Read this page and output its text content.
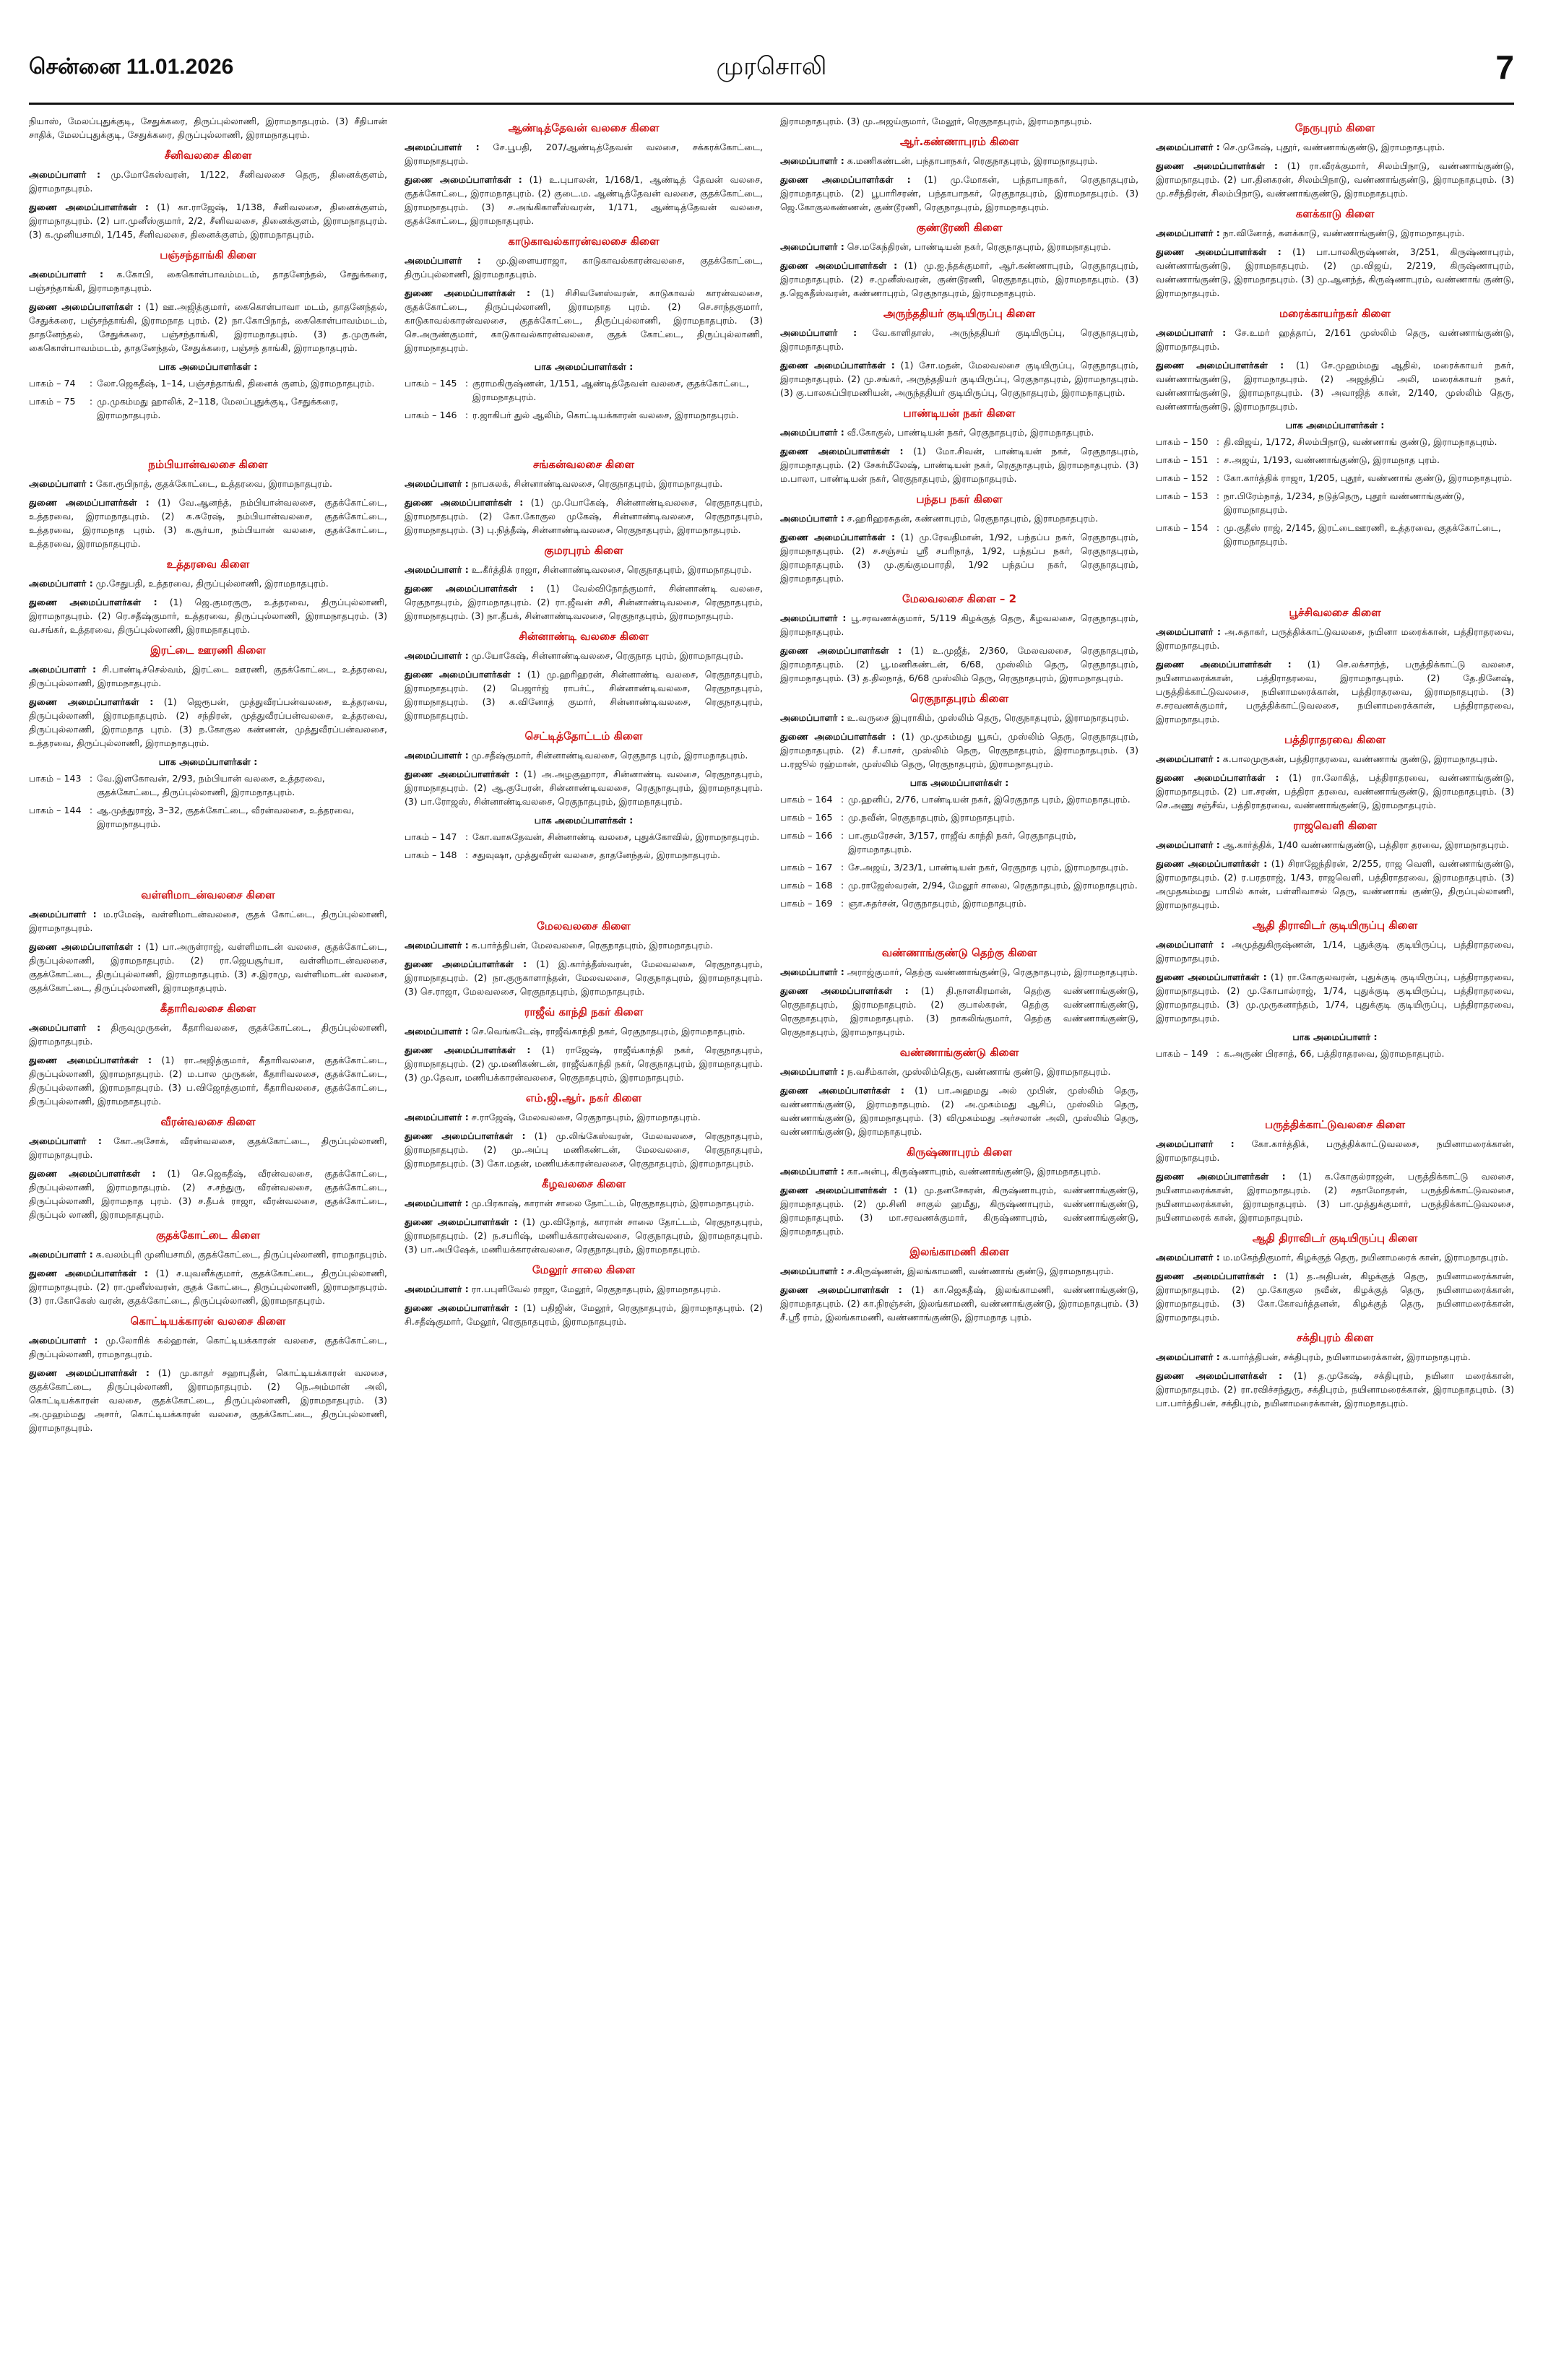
சென்னை 11.01.2026	முரசொலி	7

நியாஸ், மேலப்புதுக்குடி, சேதுக்கரை, திருப்புல்லாணி, இராமநாதபுரம். (3) சீதிபான் சாதிக், மேலப்புதுக்குடி, சேதுக்கரை, திருப்புல்லாணி, இராமநாதபுரம்.

சீனிவலசை கிளை

அமைப்பாளர் : மு.மோகேஸ்வரன், 1/122, சீனிவலசை தெரு, தினைக்குளம், இராமநாதபுரம்.

துணை அமைப்பாளர்கள் : (1) கா.ராஜேஷ், 1/138, சீனிவலசை, தினைக்குளம், இராமநாதபுரம். (2) பா.முனீஸ்குமார், 2/2, சீனிவலசை, தினைக்குளம், இராமநாதபுரம். (3) க.முனியசாமி, 1/145, சீனிவலசை, தினைக்குளம், இராமநாதபுரம்.

பஞ்சந்தாங்கி கிளை

அமைப்பாளர் : க.கோபி, கைகொள்பாவம்மடம், தாதனேந்தல், சேதுக்கரை, பஞ்சந்தாங்கி, இராமநாதபுரம்.

துணை அமைப்பாளர்கள் : (1) ஊ.அஜித்குமார், கைகொள்பாவா மடம், தாதனேந்தல், சேதுக்கரை, பஞ்சந்தாங்கி, இராமநாத புரம். (2) நா.கோபிநாத், கைகொள்பாவம்மடம், தாதனேந்தல், சேதுக்கரை, பஞ்சந்தாங்கி, இராமநாதபுரம். (3) த.முருகன், கைகொள்பாவம்மடம், தாதனேந்தல், சேதுக்கரை, பஞ்சந் தாங்கி, இராமநாதபுரம்.

பாக அமைப்பாளர்கள் :
பாகம் – 74	: லோ.ஜெகதீஷ், 1–14, பஞ்சந்தாங்கி, தினைக் குளம், இராமநாதபுரம்.
பாகம் – 75	: மு.முகம்மது ஹாலிக், 2–118, மேலப்புதுக்குடி, சேதுக்கரை, இராமநாதபுரம்.
நம்பியான்வலசை கிளை

அமைப்பாளர் : கோ.ரூபிநாத், குதக்கோட்டை, உத்தரவை, இராமநாதபுரம்.

துணை அமைப்பாளர்கள் : (1) வே.ஆனந்த், நம்பியான்வலசை, குதக்கோட்டை, உத்தரவை, இராமநாதபுரம். (2) க.சுரேஷ், நம்பியான்வலசை, குதக்கோட்டை, உத்தரவை, இராமநாத புரம். (3) க.சூர்யா, நம்பியான் வலசை, குதக்கோட்டை, உத்தரவை, இராமநாதபுரம்.

உத்தரவை கிளை

அமைப்பாளர் : மு.சேதுபதி, உத்தரவை, திருப்புல்லாணி, இராமநாதபுரம்.

துணை அமைப்பாளர்கள் : (1) ஜெ.குமரகுரு, உத்தரவை, திருப்புல்லாணி, இராமநாதபுரம். (2) ரெ.சதீஷ்குமார், உத்தரவை, திருப்புல்லாணி, இராமநாதபுரம். (3) வ.சங்கர், உத்தரவை, திருப்புல்லாணி, இராமநாதபுரம்.

இரட்டை ஊரணி கிளை

அமைப்பாளர் : சி.பாண்டிச்செல்வம், இரட்டை ஊரணி, குதக்கோட்டை, உத்தரவை, திருப்புல்லாணி, இராமநாதபுரம்.

துணை அமைப்பாளர்கள் : (1) ஜெரூபன், முத்துவீரப்பன்வலசை, உத்தரவை, திருப்புல்லாணி, இராமநாதபுரம். (2) சந்திரன், முத்துவீரப்பன்வலசை, உத்தரவை, திருப்புல்லாணி, இராமநாத புரம். (3) ந.கோகுல கண்ணன், முத்துவீரப்பன்வலசை, உத்தரவை, திருப்புல்லாணி, இராமநாதபுரம்.

பாக அமைப்பாளர்கள் :
பாகம் – 143 : வே.இளகோவன், 2/93, நம்பியான் வலசை, உத்தரவை, குதக்கோட்டை, திருப்புல்லாணி, இராமநாதபுரம்.
பாகம் – 144 : ஆ.முத்துராஜ், 3–32, குதக்கோட்டை, வீரன்வலசை, உத்தரவை, இராமநாதபுரம்.
வள்ளிமாடன்வலசை கிளை

அமைப்பாளர் : ம.ரமேஷ், வள்ளிமாடன்வலசை, குதக் கோட்டை, திருப்புல்லாணி, இராமநாதபுரம்.

துணை அமைப்பாளர்கள் : (1) பா.அருள்ராஜ், வள்ளிமாடன் வலசை, குதக்கோட்டை, திருப்புல்லாணி, இராமநாதபுரம். (2) ரா.ஜெயசூர்யா, வள்ளிமாடன்வலசை, குதக்கோட்டை, திருப்புல்லாணி, இராமநாதபுரம். (3) ச.இராமு, வள்ளிமாடன் வலசை, குதக்கோட்டை, திருப்புல்லாணி, இராமநாதபுரம்.

கீதாரிவலசை கிளை

அமைப்பாளர் : திருவுமுருகன், கீதாரிவலசை, குதக்கோட்டை, திருப்புல்லாணி, இராமநாதபுரம்.

துணை அமைப்பாளர்கள் : (1) ரா.அஜித்குமார், கீதாரிவலசை, குதக்கோட்டை, திருப்புல்லாணி, இராமநாதபுரம். (2) ம.பால முருகன், கீதாரிவலசை, குதக்கோட்டை, திருப்புல்லாணி, இராமநாதபுரம். (3) ப.விஜோத்குமார், கீதாரிவலசை, குதக்கோட்டை, திருப்புல்லாணி, இராமநாதபுரம்.

வீரன்வலசை கிளை

அமைப்பாளர் : கோ.அசோக், வீரன்வலசை, குதக்கோட்டை, திருப்புல்லாணி, இராமநாதபுரம்.

துணை அமைப்பாளர்கள் : (1) செ.ஜெகதீஷ், வீரன்வலசை, குதக்கோட்டை, திருப்புல்லாணி, இராமநாதபுரம். (2) ச.சந்துரு, வீரன்வலசை, குதக்கோட்டை, திருப்புல்லாணி, இராமநாத புரம். (3) ச.தீபக் ராஜா, வீரன்வலசை, குதக்கோட்டை, திருப்புல் லாணி, இராமநாதபுரம்.

குதக்கோட்டை கிளை

அமைப்பாளர் : க.வலம்புரி முனியசாமி, குதக்கோட்டை, திருப்புல்லாணி, ராமநாதபுரம்.

துணை அமைப்பாளர்கள் : (1) ச.யுவனீக்குமார், குதக்கோட்டை, திருப்புல்லாணி, இராமநாதபுரம். (2) ரா.முனீஸ்வரன், குதக் கோட்டை, திருப்புல்லாணி, இராமநாதபுரம். (3) ரா.கோகேஸ் வரன், குதக்கோட்டை, திருப்புல்லாணி, இராமநாதபுரம்.

கொட்டியக்காரன் வலசை கிளை

அமைப்பாளர் : மு.லோரிக் கல்ஹான், கொட்டியக்காரன் வலசை, குதக்கோட்டை, திருப்புல்லாணி, ராமநாதபுரம்.

துணை அமைப்பாளர்கள் : (1) மு.காதர் சஹாபுதீன், கொட்டியக்காரன் வலசை, குதக்கோட்டை, திருப்புல்லாணி, இராமநாதபுரம். (2) நெ.அம்மான் அலி, கொட்டியக்காரன் வலசை, குதக்கோட்டை, திருப்புல்லாணி, இராமநாதபுரம். (3) அ.முஹம்மது அசார், கொட்டியக்காரன் வலசை, குதக்கோட்டை, திருப்புல்லாணி, இராமநாதபுரம்.

ஆண்டித்தேவன் வலசை கிளை

அமைப்பாளர் : சே.பூபதி, 207/ஆண்டித்தேவன் வலசை, சக்கரக்கோட்டை, இராமநாதபுரம்.

துணை அமைப்பாளர்கள் : (1) உ.புபாலன், 1/168/1, ஆண்டித் தேவன் வலசை, குதக்கோட்டை, இராமநாதபுரம். (2) குடை.ம. ஆண்டித்தேவன் வலசை, குதக்கோட்டை, இராமநாதபுரம். (3) ச.அங்கிகாளீஸ்வரன், 1/171, ஆண்டித்தேவன் வலசை, குதக்கோட்டை, இராமநாதபுரம்.

காடுகாவல்காரன்வலசை கிளை

அமைப்பாளர் : மு.இளையராஜா, காடுகாவல்காரன்வலசை, குதக்கோட்டை, திருப்புல்லாணி, இராமநாதபுரம்.

துணை அமைப்பாளர்கள் : (1) சிசிவனேஸ்வரன், காடுகாவல் காரன்வலசை, குதக்கோட்டை, திருப்புல்லாணி, இராமநாத புரம். (2) செ.சாந்தகுமார், காடுகாவல்காரன்வலசை, குதக்கோட்டை, திருப்புல்லாணி, இராமநாதபுரம். (3) செ.அருண்குமார், காடுகாவல்காரன்வலசை, குதக் கோட்டை, திருப்புல்லாணி, இராமநாதபுரம்.

பாக அமைப்பாளர்கள் :
பாகம் – 145 : குராமகிருஷ்ணன், 1/151, ஆண்டித்தேவன் வலசை, குதக்கோட்டை, இராமநாதபுரம்.
பாகம் – 146 : ர.ஜாகிபர் துல் ஆலிம், கொட்டியக்காரன் வலசை, இராமநாதபுரம்.
சங்கன்வலசை கிளை

அமைப்பாளர் : நாபகலக், சின்னாண்டிவலசை, ரெகுநாதபுரம், இராமநாதபுரம்.

துணை அமைப்பாளர்கள் : (1) மு.யோகேஷ், சின்னாண்டிவலசை, ரெகுநாதபுரம், இராமநாதபுரம். (2) கோ.கோகுல முகேஷ், சின்னாண்டிவலசை, ரெகுநாதபுரம், இராமநாதபுரம். (3) பு.நித்தீஷ், சின்னாண்டிவலசை, ரெகுநாதபுரம், இராமநாதபுரம்.

குமரபுரம் கிளை

அமைப்பாளர் : உ.கீர்த்திக் ராஜா, சின்னாண்டிவலசை, ரெகுநாதபுரம், இராமநாதபுரம்.

துணை அமைப்பாளர்கள் : (1) வேல்விநோத்குமார், சின்னாண்டி வலசை, ரெகுநாதபுரம், இராமநாதபுரம். (2) ரா.ஜீவன் சசி, சின்னாண்டிவலசை, ரெகுநாதபுரம், இராமநாதபுரம். (3) நா.தீபக், சின்னாண்டிவலசை, ரெகுநாதபுரம், இராமநாதபுரம்.

சின்னாண்டி வலசை கிளை

அமைப்பாளர் : மு.யோகேஷ், சின்னாண்டிவலசை, ரெகுநாத புரம், இராமநாதபுரம்.

துணை அமைப்பாளர்கள் : (1) மு.ஹரிஹரன், சின்னாண்டி வலசை, ரெகுநாதபுரம், இராமநாதபுரம். (2) பெஜார்ஜ் ராபர்ட், சின்னாண்டிவலசை, ரெகுநாதபுரம், இராமநாதபுரம். (3) க.வினோத் குமார், சின்னாண்டிவலசை, ரெகுநாதபுரம், இராமநாதபுரம்.

செட்டித்தோட்டம் கிளை

அமைப்பாளர் : மு.சதீஷ்குமார், சின்னாண்டிவலசை, ரெகுநாத புரம், இராமநாதபுரம்.

துணை அமைப்பாளர்கள் : (1) அ.அழகுஹாரா, சின்னாண்டி வலசை, ரெகுநாதபுரம், இராமநாதபுரம். (2) ஆ.குபேரன், சின்னாண்டிவலசை, ரெகுநாதபுரம், இராமநாதபுரம். (3) பா.ரோஜஸ், சின்னாண்டிவலசை, ரெகுநாதபுரம், இராமநாதபுரம்.

பாக அமைப்பாளர்கள் :
பாகம் – 147 : கோ.வாசுதேவன், சின்னாண்டி வலசை, புதுக்கோவில், இராமநாதபுரம்.
பாகம் – 148 : சதுவுஷா, முத்துவீரன் வலசை, தாதனேந்தல், இராமநாதபுரம்.
மேலவலசை கிளை

அமைப்பாளர் : க.பார்த்திபன், மேலவலசை, ரெகுநாதபுரம், இராமநாதபுரம்.

துணை அமைப்பாளர்கள் : (1) இ.கார்த்தீஸ்வரன், மேலவலசை, ரெகுநாதபுரம், இராமநாதபுரம். (2) நா.குருகாளாந்தன், மேலவலசை, ரெகுநாதபுரம், இராமநாதபுரம். (3) செ.ராஜா, மேலவலசை, ரெகுநாதபுரம், இராமநாதபுரம்.

ராஜீவ் காந்தி நகர் கிளை

அமைப்பாளர் : செ.வெங்கடேஷ், ராஜீவ்காந்தி நகர், ரெகுநாதபுரம், இராமநாதபுரம்.

துணை அமைப்பாளர்கள் : (1) ராஜேஷ், ராஜீவ்காந்தி நகர், ரெகுநாதபுரம், இராமநாதபுரம். (2) மு.மணிகண்டன், ராஜீவ்காந்தி நகர், ரெகுநாதபுரம், இராமநாதபுரம். (3) மு.தேவா, மணியக்காரன்வலசை, ரெகுநாதபுரம், இராமநாதபுரம்.

எம்.ஜி.ஆர். நகர் கிளை

அமைப்பாளர் : ச.ராஜேஷ், மேலவலசை, ரெகுநாதபுரம், இராமநாதபுரம்.

துணை அமைப்பாளர்கள் : (1) மு.லிங்கேஸ்வரன், மேலவலசை, ரெகுநாதபுரம், இராமநாதபுரம். (2) மு.அப்பு மணிகண்டன், மேலவலசை, ரெகுநாதபுரம், இராமநாதபுரம். (3) கோ.மதன், மணியக்காரன்வலசை, ரெகுநாதபுரம், இராமநாதபுரம்.

கீழவலசை கிளை

அமைப்பாளர் : மு.பிரகாஷ், காரான் சாலை தோட்டம், ரெகுநாதபுரம், இராமநாதபுரம்.

துணை அமைப்பாளர்கள் : (1) மு.விநோத், காரான் சாலை தோட்டம், ரெகுநாதபுரம், இராமநாதபுரம். (2) ந.சபரிஷ், மணியக்காரன்வலசை, ரெகுநாதபுரம், இராமநாதபுரம். (3) பா.அபிஷேக், மணியக்காரன்வலசை, ரெகுநாதபுரம், இராமநாதபுரம்.

மேலூர் சாலை கிளை

அமைப்பாளர் : ரா.பபுளிவேல் ராஜா, மேலூர், ரெகுநாதபுரம், இராமநாதபுரம்.

துணை அமைப்பாளர்கள் : (1) பதிஜின், மேலூர், ரெகுநாதபுரம், இராமநாதபுரம். (2) சி.சதீஷ்குமார், மேலூர், ரெகுநாதபுரம், இராமநாதபுரம்.

இராமநாதபுரம். (3) மு.அஜய்குமார், மேலூர், ரெகுநாதபுரம், இராமநாதபுரம்.

ஆர்.கண்ணாபுரம் கிளை

அமைப்பாளர் : க.மணிகண்டன், பந்தாபாநகர், ரெகுநாதபுரம், இராமநாதபுரம்.

துணை அமைப்பாளர்கள் : (1) மு.மோகன், பந்தாபாநகர், ரெகுநாதபுரம், இராமநாதபுரம். (2) பூபாரிசரண், பந்தாபாநகர், ரெகுநாதபுரம், இராமநாதபுரம். (3) ஜெ.கோகுலகண்ணன், குண்டூரணி, ரெகுநாதபுரம், இராமநாதபுரம்.

குண்டூரணி கிளை

அமைப்பாளர் : செ.மகேந்திரன், பாண்டியன் நகர், ரெகுநாதபுரம், இராமநாதபுரம்.

துணை அமைப்பாளர்கள் : (1) மு.ஐ.ந்தக்குமார், ஆர்.கண்ணாபுரம், ரெகுநாதபுரம், இராமநாதபுரம். (2) ச.முனீஸ்வரன், குண்டூரணி, ரெகுநாதபுரம், இராமநாதபுரம். (3) த.ஜெகதீஸ்வரன், கண்ணாபுரம், ரெகுநாதபுரம், இராமநாதபுரம்.

அருந்ததியர் குடியிருப்பு கிளை

அமைப்பாளர் : வே.காளிதாஸ், அருந்ததியர் குடியிருப்பு, ரெகுநாதபுரம், இராமநாதபுரம்.

துணை அமைப்பாளர்கள் : (1) சோ.மதன், மேலவலசை குடியிருப்பு, ரெகுநாதபுரம், இராமநாதபுரம். (2) மு.சங்கர், அருந்ததியர் குடியிருப்பு, ரெகுநாதபுரம், இராமநாதபுரம். (3) கு.பாலசுப்பிரமணியன், அருந்ததியர் குடியிருப்பு, ரெகுநாதபுரம், இராமநாதபுரம்.

பாண்டியன் நகர் கிளை

அமைப்பாளர் : வீ.கோகுல், பாண்டியன் நகர், ரெகுநாதபுரம், இராமநாதபுரம்.

துணை அமைப்பாளர்கள் : (1) மோ.சிவன், பாண்டியன் நகர், ரெகுநாதபுரம், இராமநாதபுரம். (2) சேகர்மீலேஷ், பாண்டியன் நகர், ரெகுநாதபுரம், இராமநாதபுரம். (3) ம.பாலா, பாண்டியன் நகர், ரெகுநாதபுரம், இராமநாதபுரம்.

பந்தப நகர் கிளை

அமைப்பாளர் : ச.ஹரிஹரசுதன், கண்ணாபுரம், ரெகுநாதபுரம், இராமநாதபுரம்.

துணை அமைப்பாளர்கள் : (1) மு.ரேவதிமான், 1/92, பந்தப்ப நகர், ரெகுநாதபுரம், இராமநாதபுரம். (2) ச.சஞ்சய் ஸ்ரீ சபரிநாத், 1/92, பந்தப்ப நகர், ரெகுநாதபுரம், இராமநாதபுரம். (3) மு.குங்குமபாரதி, 1/92 பந்தப்ப நகர், ரெகுநாதபுரம், இராமநாதபுரம்.

மேலவலசை கிளை – 2

அமைப்பாளர் : பூ.சரவணக்குமார், 5/119 கிழக்குத் தெரு, கீழவலசை, ரெகுநாதபுரம், இராமநாதபுரம்.

துணை அமைப்பாளர்கள் : (1) உ.முஜீத், 2/360, மேலவலசை, ரெகுநாதபுரம், இராமநாதபுரம். (2) பூ.மணிகண்டன், 6/68, முஸ்லிம் தெரு, ரெகுநாதபுரம், இராமநாதபுரம். (3) த.திலநாத், 6/68 முஸ்லிம் தெரு, ரெகுநாதபுரம், இராமநாதபுரம்.

ரெகுநாதபுரம் கிளை

அமைப்பாளர் : உ.வருசை இபுராகிம், முஸ்லிம் தெரு, ரெகுநாதபுரம், இராமநாதபுரம்.

துணை அமைப்பாளர்கள் : (1) மு.முகம்மது யூசுப், முஸ்லிம் தெரு, ரெகுநாதபுரம், இராமநாதபுரம். (2) சீ.பாசர், முஸ்லிம் தெரு, ரெகுநாதபுரம், இராமநாதபுரம். (3) ப.ரஜூல் ரஹ்மான், முஸ்லிம் தெரு, ரெகுநாதபுரம், இராமநாதபுரம்.

பாக அமைப்பாளர்கள் :
பாகம் – 164 : மு.ஹனிப், 2/76, பாண்டியன் நகர், இரெகுநாத புரம், இராமநாதபுரம்.
பாகம் – 165 : மு.நவீன், ரெகுநாதபுரம், இராமநாதபுரம்.
பாகம் – 166 : பா.குமரேசன், 3/157, ராஜீவ் காந்தி நகர், ரெகுநாதபுரம், இராமநாதபுரம்.
பாகம் – 167 : சே.அஜய், 3/23/1, பாண்டியன் நகர், ரெகுநாத புரம், இராமநாதபுரம்.
பாகம் – 168 : மு.ராஜேஸ்வரன், 2/94, மேலூர் சாலை, ரெகுநாதபுரம், இராமநாதபுரம்.
பாகம் – 169 : ஞா.சுதர்சன், ரெகுநாதபுரம், இராமநாதபுரம்.
வண்ணாங்குண்டு தெற்கு கிளை

அமைப்பாளர் : அராஜ்குமார், தெற்கு வண்ணாங்குண்டு, ரெகுநாதபுரம், இராமநாதபுரம்.

துணை அமைப்பாளர்கள் : (1) தி.நாளகிரமான், தெற்கு வண்ணாங்குண்டு, ரெகுநாதபுரம், இராமநாதபுரம். (2) குபால்கரன், தெற்கு வண்ணாங்குண்டு, ரெகுநாதபுரம், இராமநாதபுரம். (3) நாகலிங்குமார், தெற்கு வண்ணாங்குண்டு, ரெகுநாதபுரம், இராமநாதபுரம்.

வண்ணாங்குண்டு கிளை

அமைப்பாளர் : ந.வசீம்கான், முஸ்லிம்தெரு, வண்ணாங் குண்டு, இராமநாதபுரம்.

துணை அமைப்பாளர்கள் : (1) பா.அஹமது அல் முபின், முஸ்லிம் தெரு, வண்ணாங்குண்டு, இராமநாதபுரம். (2) அ.முகம்மது ஆசிப், முஸ்லிம் தெரு, வண்ணாங்குண்டு, இராமநாதபுரம். (3) விமுகம்மது அர்சலான் அலி, முஸ்லிம் தெரு, வண்ணாங்குண்டு, இராமநாதபுரம்.

கிருஷ்ணாபுரம் கிளை

அமைப்பாளர் : கா.அன்பு, கிருஷ்ணாபுரம், வண்ணாங்குண்டு, இராமநாதபுரம்.

துணை அமைப்பாளர்கள் : (1) மு.தனசேகரன், கிருஷ்ணாபுரம், வண்ணாங்குண்டு, இராமநாதபுரம். (2) மு.சினி சாகுல் ஹமீது, கிருஷ்ணாபுரம், வண்ணாங்குண்டு, இராமநாதபுரம். (3) மா.சரவணக்குமார், கிருஷ்ணாபுரம், வண்ணாங்குண்டு, இராமநாதபுரம்.

இலங்காமணி கிளை

அமைப்பாளர் : ச.கிருஷ்ணன், இலங்காமணி, வண்ணாங் குண்டு, இராமநாதபுரம்.

துணை அமைப்பாளர்கள் : (1) கா.ஜெகதீஷ், இலங்காமணி, வண்ணாங்குண்டு, இராமநாதபுரம். (2) கா.நிரஞ்சன், இலங்காமணி, வண்ணாங்குண்டு, இராமநாதபுரம். (3) சீ.ஸ்ரீ ராம், இலங்காமணி, வண்ணாங்குண்டு, இராமநாத புரம்.

நேருபுரம் கிளை

அமைப்பாளர் : செ.முகேஷ், புதூர், வண்ணாங்குண்டு, இராமநாதபுரம்.

துணை அமைப்பாளர்கள் : (1) ரா.வீரக்குமார், சிலம்பிநாடு, வண்ணாங்குண்டு, இராமநாதபுரம். (2) பா.தினகரன், சிலம்பிநாடு, வண்ணாங்குண்டு, இராமநாதபுரம். (3) மு.சசீந்திரன், சிலம்பிநாடு, வண்ணாங்குண்டு, இராமநாதபுரம்.

களக்காடு கிளை

அமைப்பாளர் : நா.வினோத், களக்காடு, வண்ணாங்குண்டு, இராமநாதபுரம்.

துணை அமைப்பாளர்கள் : (1) பா.பாலகிருஷ்ணன், 3/251, கிருஷ்ணாபுரம், வண்ணாங்குண்டு, இராமநாதபுரம். (2) மு.விஜய், 2/219, கிருஷ்ணாபுரம், வண்ணாங்குண்டு, இராமநாதபுரம். (3) மு.ஆனந்த், கிருஷ்ணாபுரம், வண்ணாங் குண்டு, இராமநாதபுரம்.

மரைக்காயர்நகர் கிளை

அமைப்பாளர் : சே.உமர் ஹத்தாப், 2/161 முஸ்லிம் தெரு, வண்ணாங்குண்டு, இராமநாதபுரம்.

துணை அமைப்பாளர்கள் : (1) சே.முஹம்மது ஆதில், மரைக்காயர் நகர், வண்ணாங்குண்டு, இராமநாதபுரம். (2) அஜத்திப் அலி, மரைக்காயர் நகர், வண்ணாங்குண்டு, இராமநாதபுரம். (3) அவாஜித் கான், 2/140, முஸ்லிம் தெரு, வண்ணாங்குண்டு, இராமநாதபுரம்.

பாக அமைப்பாளர்கள் :
பாகம் – 150 : தி.விஜய், 1/172, சிலம்பிநாடு, வண்ணாங் குண்டு, இராமநாதபுரம்.
பாகம் – 151 : ச.அஜய், 1/193, வண்ணாங்குண்டு, இராமநாத புரம்.
பாகம் – 152 : கோ.கார்த்திக் ராஜா, 1/205, புதூர், வண்ணாங் குண்டு, இராமநாதபுரம்.
பாகம் – 153 : நா.பிரேம்நாத், 1/234, நடுத்தெரு, புதூர் வண்ணாங்குண்டு, இராமநாதபுரம்.
பாகம் – 154 : மு.குதீஸ் ராஜ், 2/145, இரட்டைஊரணி, உத்தரவை, குதக்கோட்டை, இராமநாதபுரம்.
பூச்சிவலசை கிளை

அமைப்பாளர் : அ.சுதாகர், பருத்திக்காட்டுவலசை, நயினா மரைக்கான், பத்திராதரவை, இராமநாதபுரம்.

துணை அமைப்பாளர்கள் : (1) செ.லக்சாந்த், பருத்திக்காட்டு வலசை, நயினாமரைக்கான், பத்திராதரவை, இராமநாதபுரம். (2) தே.தினேஷ், பருத்திக்காட்டுவலசை, நயினாமரைக்கான், பத்திராதரவை, இராமநாதபுரம். (3) ச.சரவணக்குமார், பருத்திக்காட்டுவலசை, நயினாமரைக்கான், பத்திராதரவை, இராமநாதபுரம்.

பத்திராதரவை கிளை

அமைப்பாளர் : க.பாலமுருகன், பத்திராதரவை, வண்ணாங் குண்டு, இராமநாதபுரம்.

துணை அமைப்பாளர்கள் : (1) ரா.லோகித், பத்திராதரவை, வண்ணாங்குண்டு, இராமநாதபுரம். (2) பா.சரண், பத்திரா தரவை, வண்ணாங்குண்டு, இராமநாதபுரம். (3) செ.அணு சஞ்சீவ், பத்திராதரவை, வண்ணாங்குண்டு, இராமநாதபுரம்.

ராஜவெளி கிளை

அமைப்பாளர் : ஆ.கார்த்திக், 1/40 வண்ணாங்குண்டு, பத்திரா தரவை, இராமநாதபுரம்.

துணை அமைப்பாளர்கள் : (1) சிராஜேந்திரன், 2/255, ராஜ வெளி, வண்ணாங்குண்டு, இராமநாதபுரம். (2) ர.பரதராஜ், 1/43, ராஜவெளி, பத்திராதரவை, இராமநாதபுரம். (3) அமுதகம்மது பாபில் கான், பள்ளிவாசல் தெரு, வண்ணாங் குண்டு, திருப்புல்லாணி, இராமநாதபுரம்.

ஆதி திராவிடர் குடியிருப்பு கிளை

அமைப்பாளர் : அமுத்துகிருஷ்ணன், 1/14, புதுக்குடி குடியிருப்பு, பத்திராதரவை, இராமநாதபுரம்.

துணை அமைப்பாளர்கள் : (1) ரா.கோகுலவரன், புதுக்குடி குடியிருப்பு, பத்திராதரவை, இராமநாதபுரம். (2) மு.கோபால்ராஜ், 1/74, புதுக்குடி குடியிருப்பு, பத்திராதரவை, இராமநாதபுரம். (3) மு.முருகனாந்தம், 1/74, புதுக்குடி குடியிருப்பு, பத்திராதரவை, இராமநாதபுரம்.

பாக அமைப்பாளர் :
பாகம் – 149 : க.அருண் பிரசாத், 66, பத்திராதரவை, இராமநாதபுரம்.
பருத்திக்காட்டுவலசை கிளை

அமைப்பாளர் : கோ.கார்த்திக், பருத்திக்காட்டுவலசை, நயினாமரைக்கான், இராமநாதபுரம்.

துணை அமைப்பாளர்கள் : (1) க.கோகுல்ராஜன், பருத்திக்காட்டு வலசை, நயினாமரைக்கான், இராமநாதபுரம். (2) சதாமோதரன், பருத்திக்காட்டுவலசை, நயினாமரைக்கான், இராமநாதபுரம். (3) பா.முத்துக்குமார், பருத்திக்காட்டுவலசை, நயினாமரைக் கான், இராமநாதபுரம்.

ஆதி திராவிடர் குடியிருப்பு கிளை

அமைப்பாளர் : ம.மகேந்திகுமார், கிழக்குத் தெரு, நயினாமரைக் கான், இராமநாதபுரம்.

துணை அமைப்பாளர்கள் : (1) த.அதிபன், கிழக்குத் தெரு, நயினாமரைக்கான், இராமநாதபுரம். (2) மு.கோகுல நவீன், கிழக்குத் தெரு, நயினாமரைக்கான், இராமநாதபுரம். (3) கோ.கோவர்த்தனன், கிழக்குத் தெரு, நயினாமரைக்கான், இராமநாதபுரம்.

சக்திபுரம் கிளை

அமைப்பாளர் : க.யார்த்திபன், சக்திபுரம், நயினாமரைக்கான், இராமநாதபுரம்.

துணை அமைப்பாளர்கள் : (1) த.முகேஷ், சக்திபுரம், நயினா மரைக்கான், இராமநாதபுரம். (2) ரா.ரவிச்சந்துரு, சக்திபுரம், நயினாமரைக்கான், இராமநாதபுரம். (3) பா.பார்த்திபன், சக்திபுரம், நயினாமரைக்கான், இராமநாதபுரம்.
